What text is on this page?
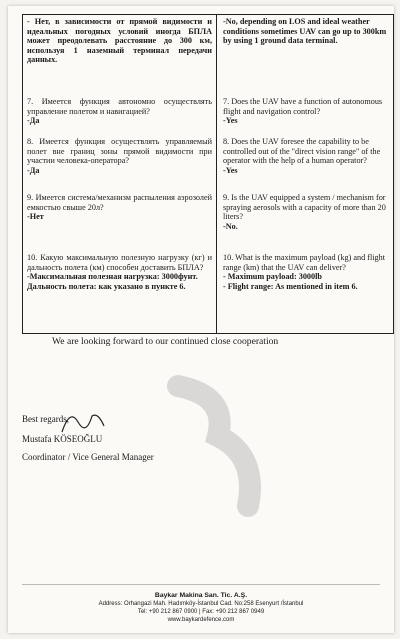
- Нет, в зависимости от прямой видимости и идеальных погодных условий иногда БПЛА может преодолевать расстояние до 300 км, используя 1 наземный терминал передачи данных.
7. Имеется функция автономно осуществлять управление полетом и навигацией?
-Да
8. Имеется функция осуществлять управляемый полет вне границ зоны прямой видимости при участии человека-оператора?
-Да
9. Имеется система/механизм распыления аэрозолей емкостью свыше 20л?
-Нет
10. Какую максимальную полезную нагрузку (кг) и дальность полета (км) способен доставить БПЛА?
-Максимальная полезная нагрузка: 3000фунт.
Дальность полета: как указано в пункте 6.
-No, depending on LOS and ideal weather conditions sometimes UAV can go up to 300km by using 1 ground data terminal.
7. Does the UAV have a function of autonomous flight and navigation control?
-Yes
8. Does the UAV foresee the capability to be controlled out of the "direct vision range" of the operator with the help of a human operator?
-Yes
9. Is the UAV equipped a system / mechanism for spraying aerosols with a capacity of more than 20 liters?
-No.
10. What is the maximum payload (kg) and flight range (km) that the UAV can deliver?
- Maximum payload: 3000lb
- Flight range: As mentioned in item 6.
We are looking forward to our continued close cooperation
Best regards,
Mustafa KÖSEOĞLU
Coordinator / Vice General Manager
Baykar Makina San. Tic. A.Ş.
Address: Orhangazi Mah. Hadımköy-İstanbul Cad. No:258 Esenyurt /İstanbul
Tel: +90 212 867 0900 | Fax: +90 212 867 0949
www.baykardefence.com
